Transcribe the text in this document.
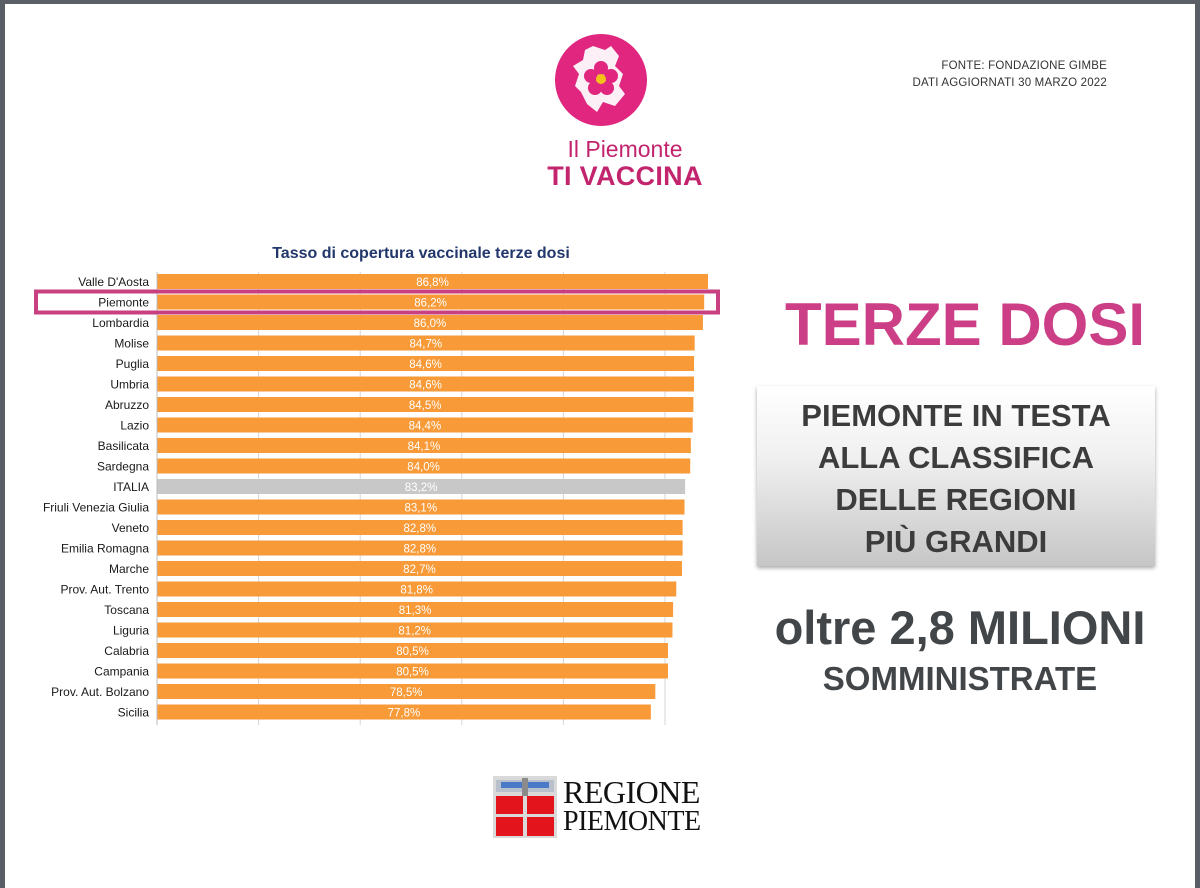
FONTE: FONDAZIONE GIMBE
DATI AGGIORNATI 30 MARZO 2022
Il Piemonte
TI VACCINA
Tasso di copertura vaccinale terze dosi
Valle D'Aosta	86,8%
Piemonte	86,2%
Lombardia	86,0%
Molise	84,7%
Puglia	84,6%
Umbria	84,6%
Abruzzo	84,5%
Lazio	84,4%
Basilicata	84,1%
Sardegna	84,0%
ITALIA	83,2%
Friuli Venezia Giulia	83,1%
Veneto	82,8%
Emilia Romagna	82,8%
Marche	82,7%
Prov. Aut. Trento	81,8%
Toscana	81,3%
Liguria	81,2%
Calabria	80,5%
Campania	80,5%
Prov. Aut. Bolzano	78,5%
Sicilia	77,8%
TERZE DOSI
PIEMONTE IN TESTA
ALLA CLASSIFICA
DELLE REGIONI
PIÙ GRANDI
oltre 2,8 MILIONI
SOMMINISTRATE
REGIONE
PIEMONTE
